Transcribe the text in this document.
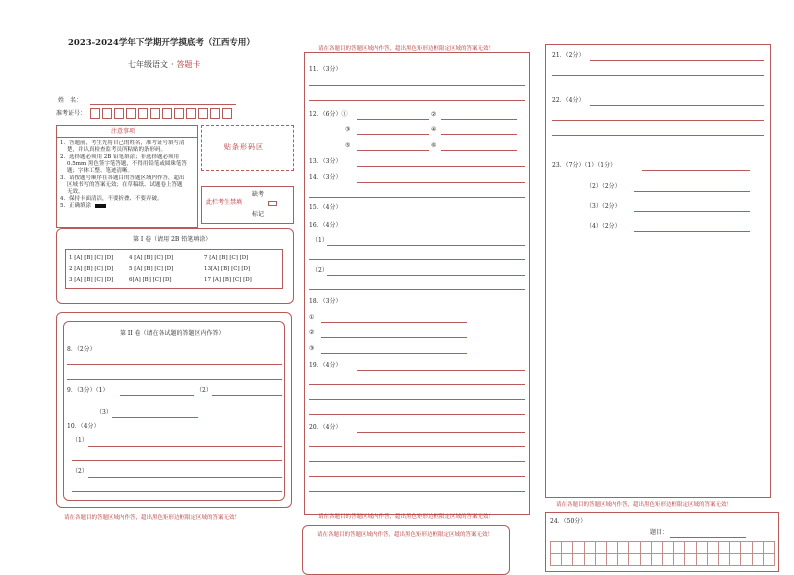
2023-2024学年下学期开学摸底考（江西专用）
七年级语文 · 答题卡
姓　名：
准考证号：
注意事项
1．答题前，考生先将自己的姓名，准考证号填写清
楚，并认真检查监考员所粘贴的条形码。
2．选择题必须用 2B 铅笔填涂；非选择题必须用
0.5mm 黑色签字笔答题，不得用铅笔或圆珠笔答题；字体工整、笔迹清晰。
3．请按题号顺序在各题目的答题区域内作答，超出
区域书写的答案无效；在草稿纸、试题卷上答题
无效。
4．保持卡面清洁，不要折叠、不要弄破。
5．正确填涂
贴条形码区
此栏考生禁填
缺考
标记
第 I 卷（请用 2B 铅笔填涂）
1 [A] [B] [C] [D]	4 [A] [B] [C] [D]	7 [A] [B] [C] [D]
2 [A] [B] [C] [D]	5 [A] [B] [C] [D]	13[A] [B] [C] [D]
3 [A] [B] [C] [D]	6[A] [B] [C] [D]	17 [A] [B] [C] [D]
第 II 卷（请在各试题的答题区内作答）
8．（2分）
9．（3分）（1）	（2）
（3）
10．（4分）
（1）
（2）
请在各题目的答题区域内作答，超出黑色矩形边框限定区域的答案无效！
请在各题目的答题区域内作答，超出黑色矩形边框限定区域的答案无效！
11．（3分）
12．（6分）①	②
③	④
⑤	⑥
13．（3分）
14．（3分）
15．（4分）
16．（4分）
（1）
（2）
18．（3分）
①
②
③
19．（4分）
20．（4分）
请在各题目的答题区域内作答，超出黑色矩形边框限定区域的答案无效！
请在各题目的答题区域内作答，超出黑色矩形边框限定区域的答案无效！
21．（2分）
22．（4分）
23．（7分）（1）（1分）
（2）（2分）
（3）（2分）
（4）（2分）
请在各题目的答题区域内作答，超出黑色矩形边框限定区域的答案无效！
24．（50分）
题目：
